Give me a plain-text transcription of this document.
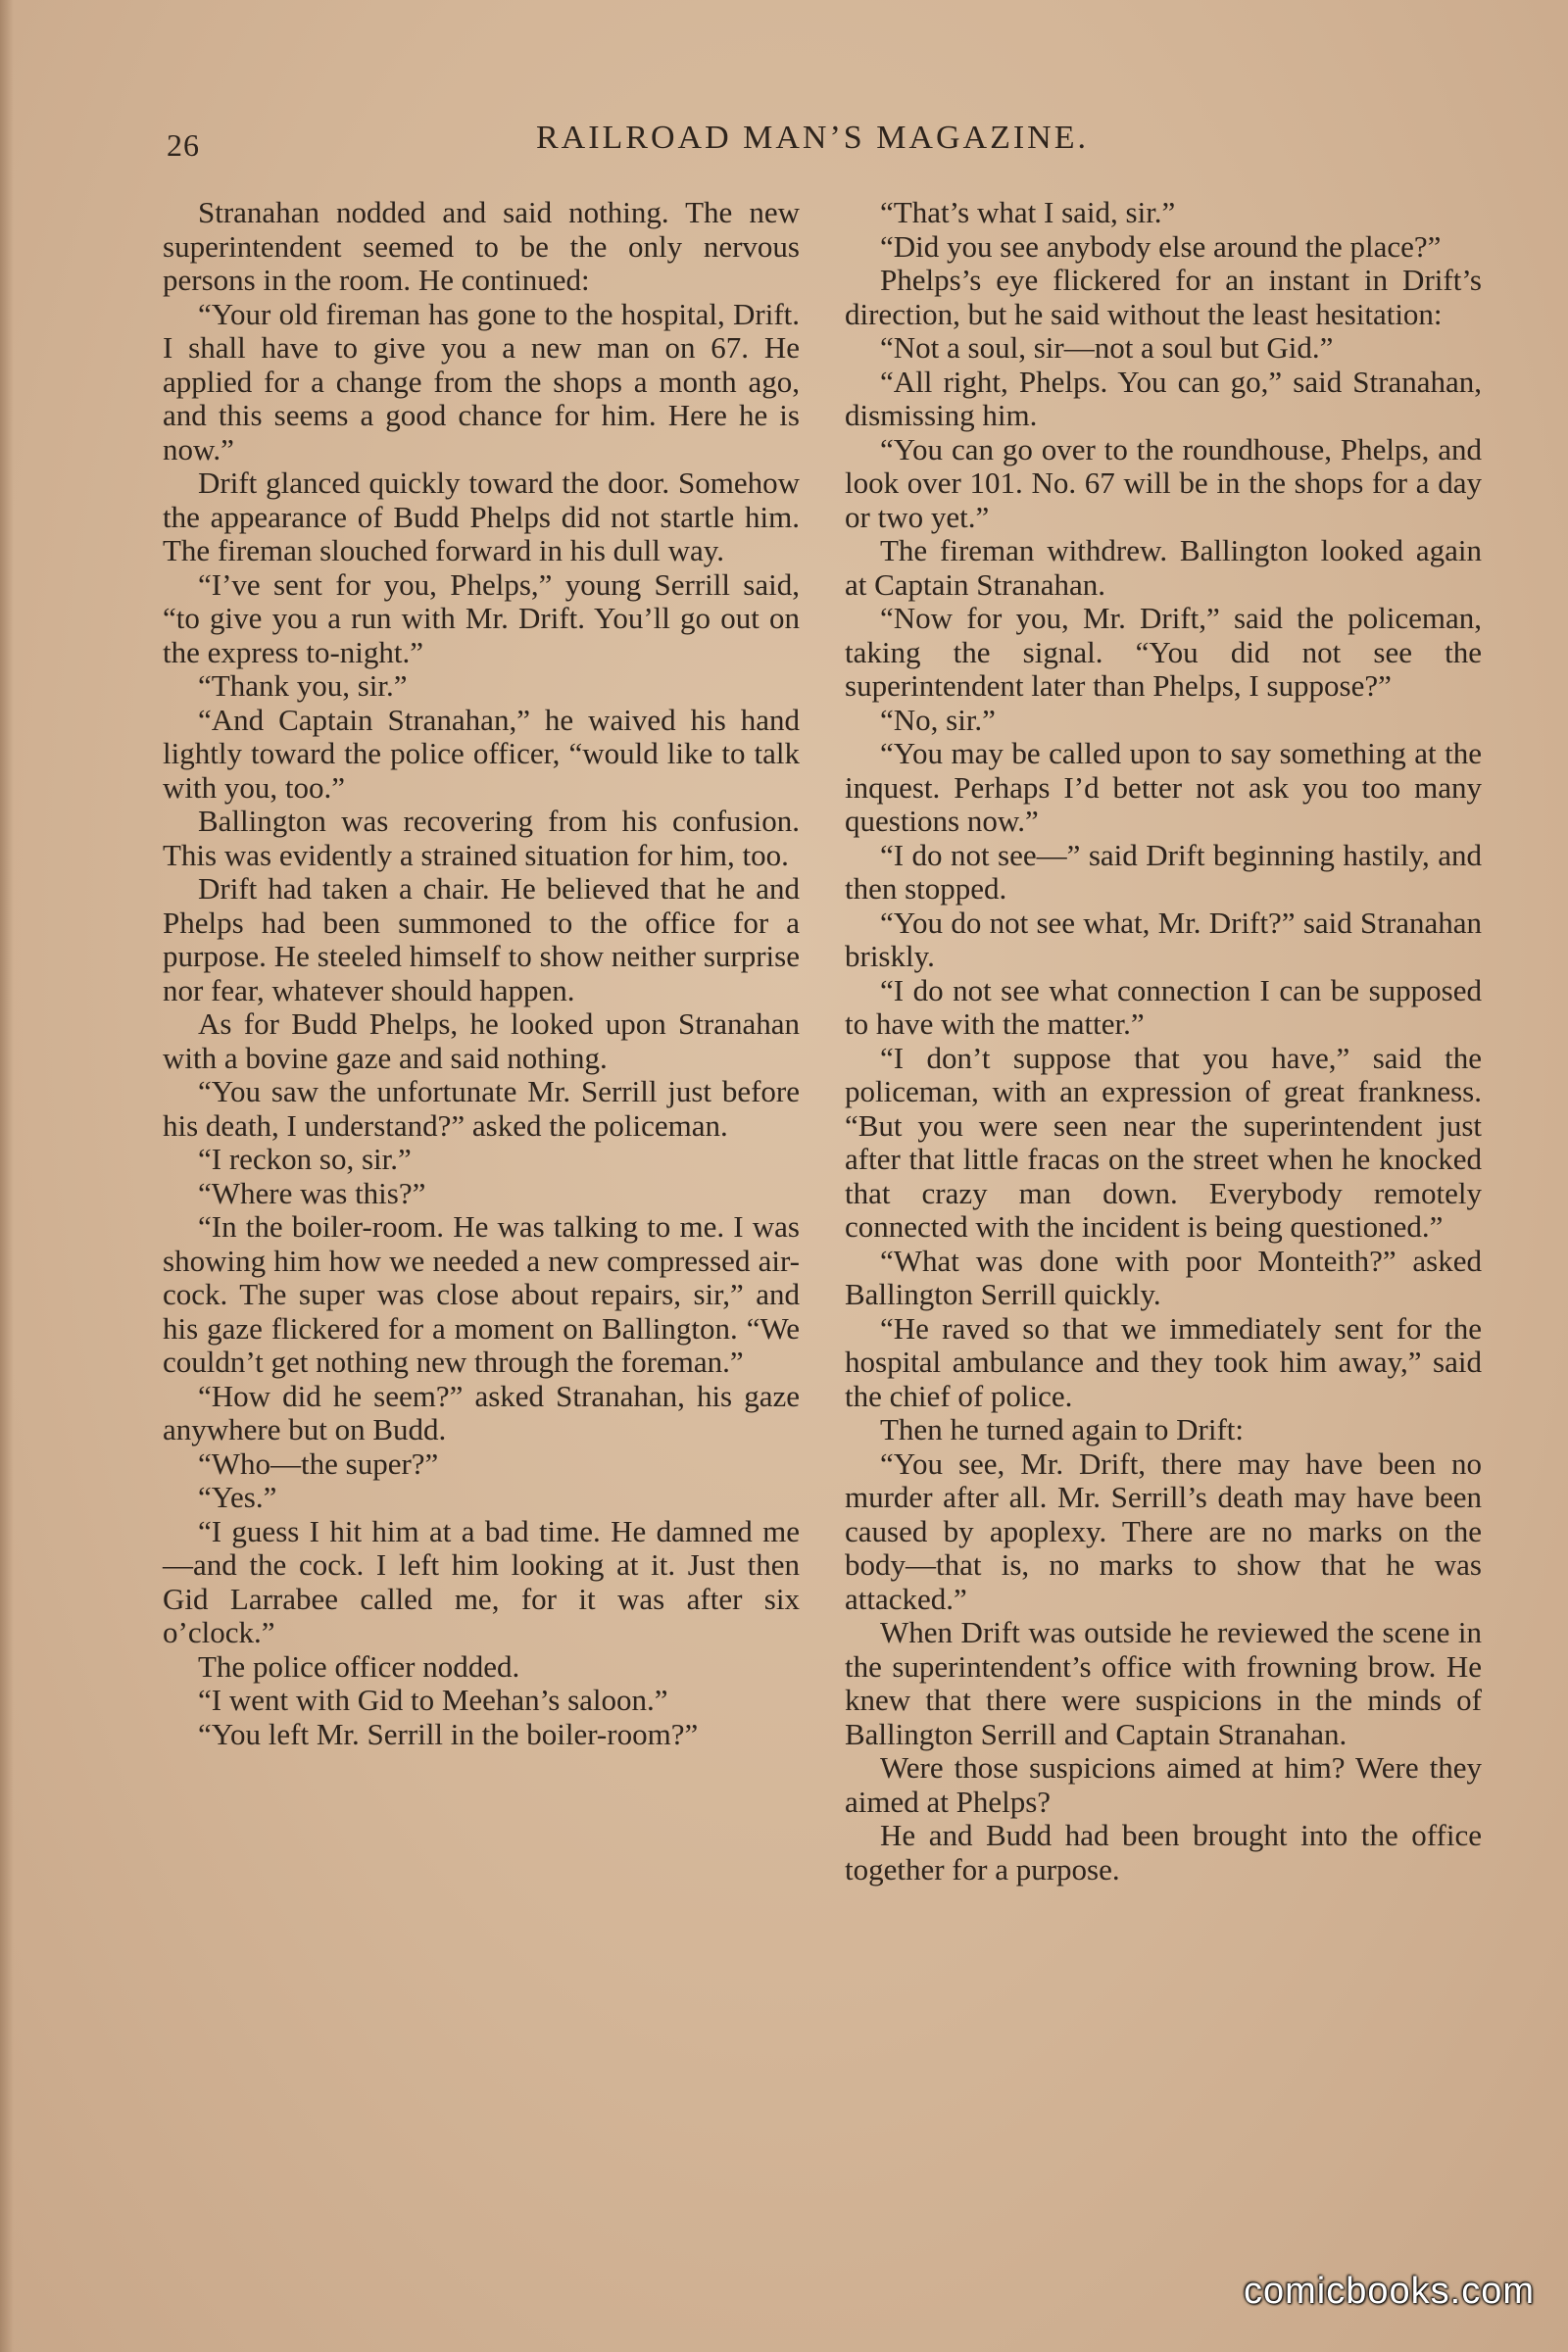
26	RAILROAD MAN’S MAGAZINE.

Stranahan nodded and said nothing. The new superintendent seemed to be the only nervous persons in the room. He continued:

“Your old fireman has gone to the hospital, Drift. I shall have to give you a new man on 67. He applied for a change from the shops a month ago, and this seems a good chance for him. Here he is now.”

Drift glanced quickly toward the door. Somehow the appearance of Budd Phelps did not startle him. The fireman slouched forward in his dull way.

“I’ve sent for you, Phelps,” young Serrill said, “to give you a run with Mr. Drift. You’ll go out on the express to-night.”

“Thank you, sir.”

“And Captain Stranahan,” he waived his hand lightly toward the police officer, “would like to talk with you, too.”

Ballington was recovering from his confusion. This was evidently a strained situation for him, too.

Drift had taken a chair. He believed that he and Phelps had been summoned to the office for a purpose. He steeled himself to show neither surprise nor fear, whatever should happen.

As for Budd Phelps, he looked upon Stranahan with a bovine gaze and said nothing.

“You saw the unfortunate Mr. Serrill just before his death, I understand?” asked the policeman.

“I reckon so, sir.”

“Where was this?”

“In the boiler-room. He was talking to me. I was showing him how we needed a new compressed air-cock. The super was close about repairs, sir,” and his gaze flickered for a moment on Ballington. “We couldn’t get nothing new through the foreman.”

“How did he seem?” asked Stranahan, his gaze anywhere but on Budd.

“Who—the super?”

“Yes.”

“I guess I hit him at a bad time. He damned me—and the cock. I left him looking at it. Just then Gid Larrabee called me, for it was after six o’clock.”

The police officer nodded.

“I went with Gid to Meehan’s saloon.”

“You left Mr. Serrill in the boiler-room?”

“That’s what I said, sir.”

“Did you see anybody else around the place?”

Phelps’s eye flickered for an instant in Drift’s direction, but he said without the least hesitation:

“Not a soul, sir—not a soul but Gid.”

“All right, Phelps. You can go,” said Stranahan, dismissing him.

“You can go over to the roundhouse, Phelps, and look over 101. No. 67 will be in the shops for a day or two yet.”

The fireman withdrew. Ballington looked again at Captain Stranahan.

“Now for you, Mr. Drift,” said the policeman, taking the signal. “You did not see the superintendent later than Phelps, I suppose?”

“No, sir.”

“You may be called upon to say something at the inquest. Perhaps I’d better not ask you too many questions now.”

“I do not see—” said Drift beginning hastily, and then stopped.

“You do not see what, Mr. Drift?” said Stranahan briskly.

“I do not see what connection I can be supposed to have with the matter.”

“I don’t suppose that you have,” said the policeman, with an expression of great frankness. “But you were seen near the superintendent just after that little fracas on the street when he knocked that crazy man down. Everybody remotely connected with the incident is being questioned.”

“What was done with poor Monteith?” asked Ballington Serrill quickly.

“He raved so that we immediately sent for the hospital ambulance and they took him away,” said the chief of police.

Then he turned again to Drift:

“You see, Mr. Drift, there may have been no murder after all. Mr. Serrill’s death may have been caused by apoplexy. There are no marks on the body—that is, no marks to show that he was attacked.”

When Drift was outside he reviewed the scene in the superintendent’s office with frowning brow. He knew that there were suspicions in the minds of Ballington Serrill and Captain Stranahan.

Were those suspicions aimed at him? Were they aimed at Phelps?

He and Budd had been brought into the office together for a purpose.

comicbooks.com
